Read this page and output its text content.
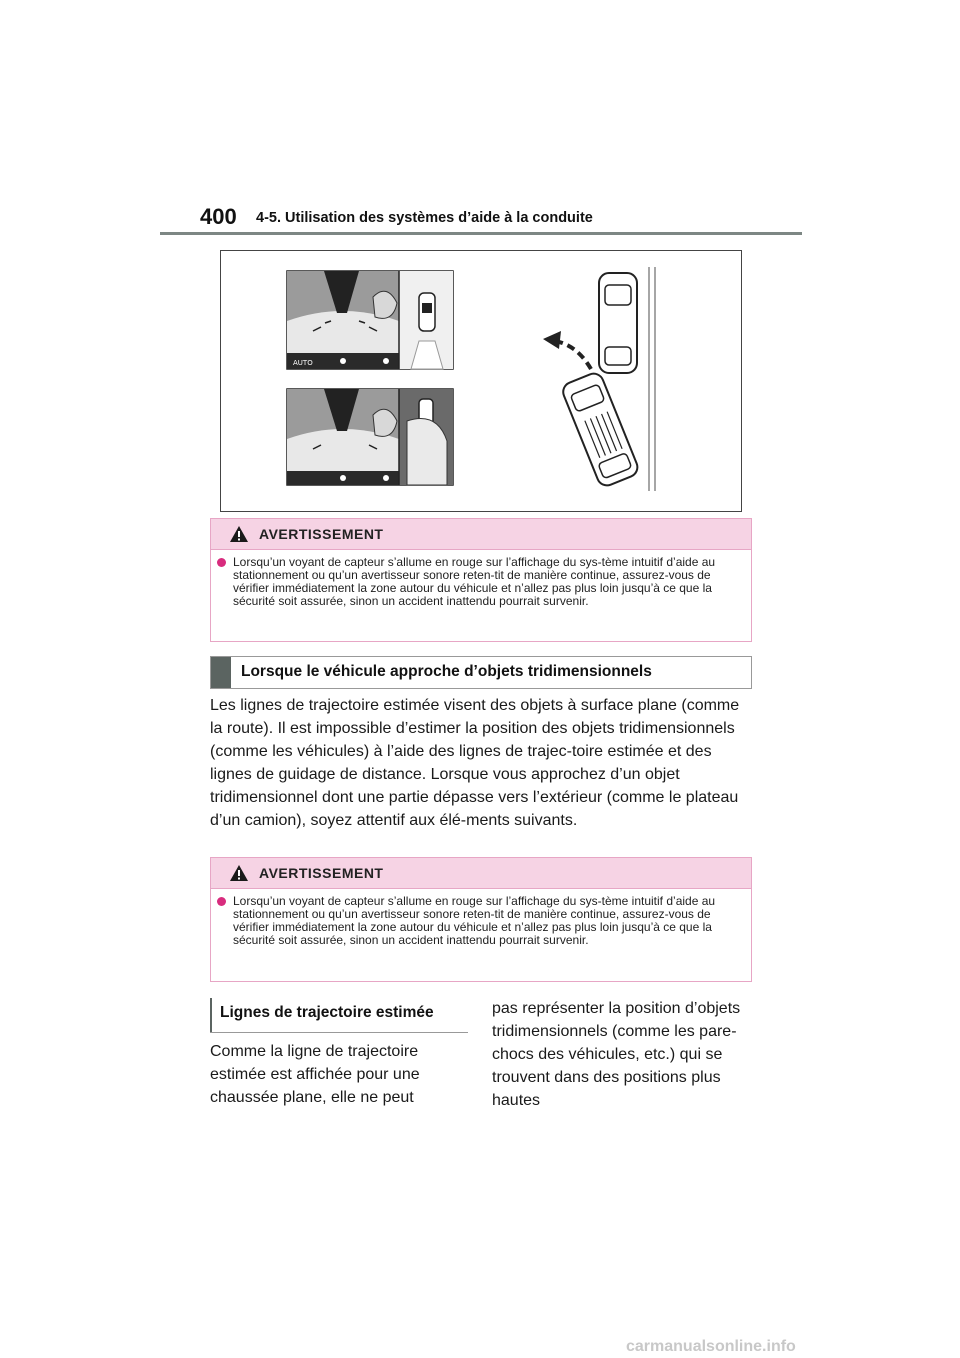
400 4-5. Utilisation des systèmes d’aide à la conduite
AUTO
AVERTISSEMENT
Lorsqu’un voyant de capteur s’allume en rouge sur l’affichage du sys-tème intuitif d’aide au stationnement ou qu’un avertisseur sonore reten-tit de manière continue, assurez-vous de vérifier immédiatement la zone autour du véhicule et n’allez pas plus loin jusqu’à ce que la sécurité soit assurée, sinon un accident inattendu pourrait survenir.
Lorsque le véhicule approche d’objets tridimensionnels
Les lignes de trajectoire estimée visent des objets à surface plane (comme la route). Il est impossible d’estimer la position des objets tridimensionnels (comme les véhicules) à l’aide des lignes de trajec-toire estimée et des lignes de guidage de distance. Lorsque vous approchez d’un objet tridimensionnel dont une partie dépasse vers l’extérieur (comme le plateau d’un camion), soyez attentif aux élé-ments suivants.
AVERTISSEMENT
Lorsqu’un voyant de capteur s’allume en rouge sur l’affichage du sys-tème intuitif d’aide au stationnement ou qu’un avertisseur sonore reten-tit de manière continue, assurez-vous de vérifier immédiatement la zone autour du véhicule et n’allez pas plus loin jusqu’à ce que la sécurité soit assurée, sinon un accident inattendu pourrait survenir.
Lignes de trajectoire estimée
Comme la ligne de trajectoire estimée est affichée pour une chaussée plane, elle ne peut
pas représenter la position d’objets tridimensionnels (comme les pare-chocs des véhicules, etc.) qui se trouvent dans des positions plus hautes
carmanualsonline.info
